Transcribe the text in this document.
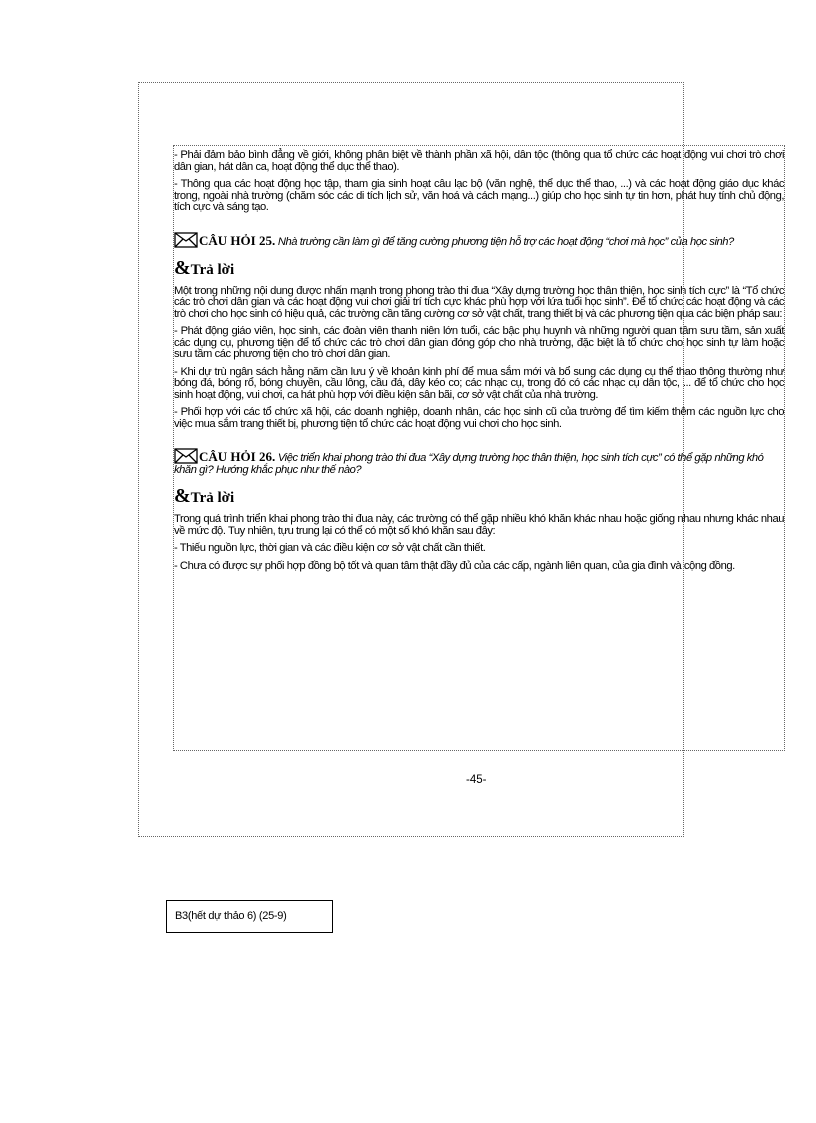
- Phải đảm bảo bình đẳng về giới, không phân biệt về thành phần xã hội, dân tộc (thông qua tổ chức các hoạt động vui chơi trò chơi dân gian, hát dân ca, hoạt động thể dục thể thao).

- Thông qua các hoạt động học tập, tham gia sinh hoạt câu lạc bộ (văn nghệ, thể dục thể thao, ...) và các hoạt động giáo dục khác trong, ngoài nhà trường (chăm sóc các di tích lịch sử, văn hoá và cách mạng...) giúp cho học sinh tự tin hơn, phát huy tính chủ động, tích cực và sáng tạo.

CÂU HỎI 25. Nhà trường cần làm gì để tăng cường phương tiện hỗ trợ các hoạt động “chơi mà học” của học sinh?
&Trả lời

Một trong những nội dung được nhấn mạnh trong phong trào thi đua “Xây dựng trường học thân thiện, học sinh tích cực” là “Tổ chức các trò chơi dân gian và các hoạt động vui chơi giải trí tích cực khác phù hợp với lứa tuổi học sinh”. Để tổ chức các hoạt động và các trò chơi cho học sinh có hiệu quả, các trường cần tăng cường cơ sở vật chất, trang thiết bị và các phương tiện qua các biện pháp sau:

- Phát động giáo viên, học sinh, các đoàn viên thanh niên lớn tuổi, các bậc phụ huynh và những người quan tâm sưu tầm, sản xuất các dụng cụ, phương tiện để tổ chức các trò chơi dân gian đóng góp cho nhà trường, đặc biệt là tổ chức cho học sinh tự làm hoặc sưu tầm các phương tiện cho trò chơi dân gian.

- Khi dự trù ngân sách hằng năm cần lưu ý về khoản kinh phí để mua sắm mới và bổ sung các dụng cụ thể thao thông thường như bóng đá, bóng rổ, bóng chuyền, cầu lông, cầu đá, dây kéo co; các nhạc cụ, trong đó có các nhạc cụ dân tộc, ... để tổ chức cho học sinh hoạt động, vui chơi, ca hát phù hợp với điều kiện sân bãi, cơ sở vật chất của nhà trường.

- Phối hợp với các tổ chức xã hội, các doanh nghiệp, doanh nhân, các học sinh cũ của trường để tìm kiếm thêm các nguồn lực cho việc mua sắm trang thiết bị, phương tiện tổ chức các hoạt động vui chơi cho học sinh.

CÂU HỎI 26. Việc triển khai phong trào thi đua “Xây dựng trường học thân thiện, học sinh tích cực” có thể gặp những khó khăn gì? Hướng khắc phục như thế nào?
&Trả lời

Trong quá trình triển khai phong trào thi đua này, các trường có thể gặp nhiều khó khăn khác nhau hoặc giống nhau nhưng khác nhau về mức độ. Tuy nhiên, tựu trung lại có thể có một số khó khăn sau đây:

- Thiếu nguồn lực, thời gian và các điều kiện cơ sở vật chất cần thiết.

- Chưa có được sự phối hợp đồng bộ tốt và quan tâm thật đầy đủ của các cấp, ngành liên quan, của gia đình và cộng đồng.

-45-
B3(hết dự thảo 6) (25-9)
